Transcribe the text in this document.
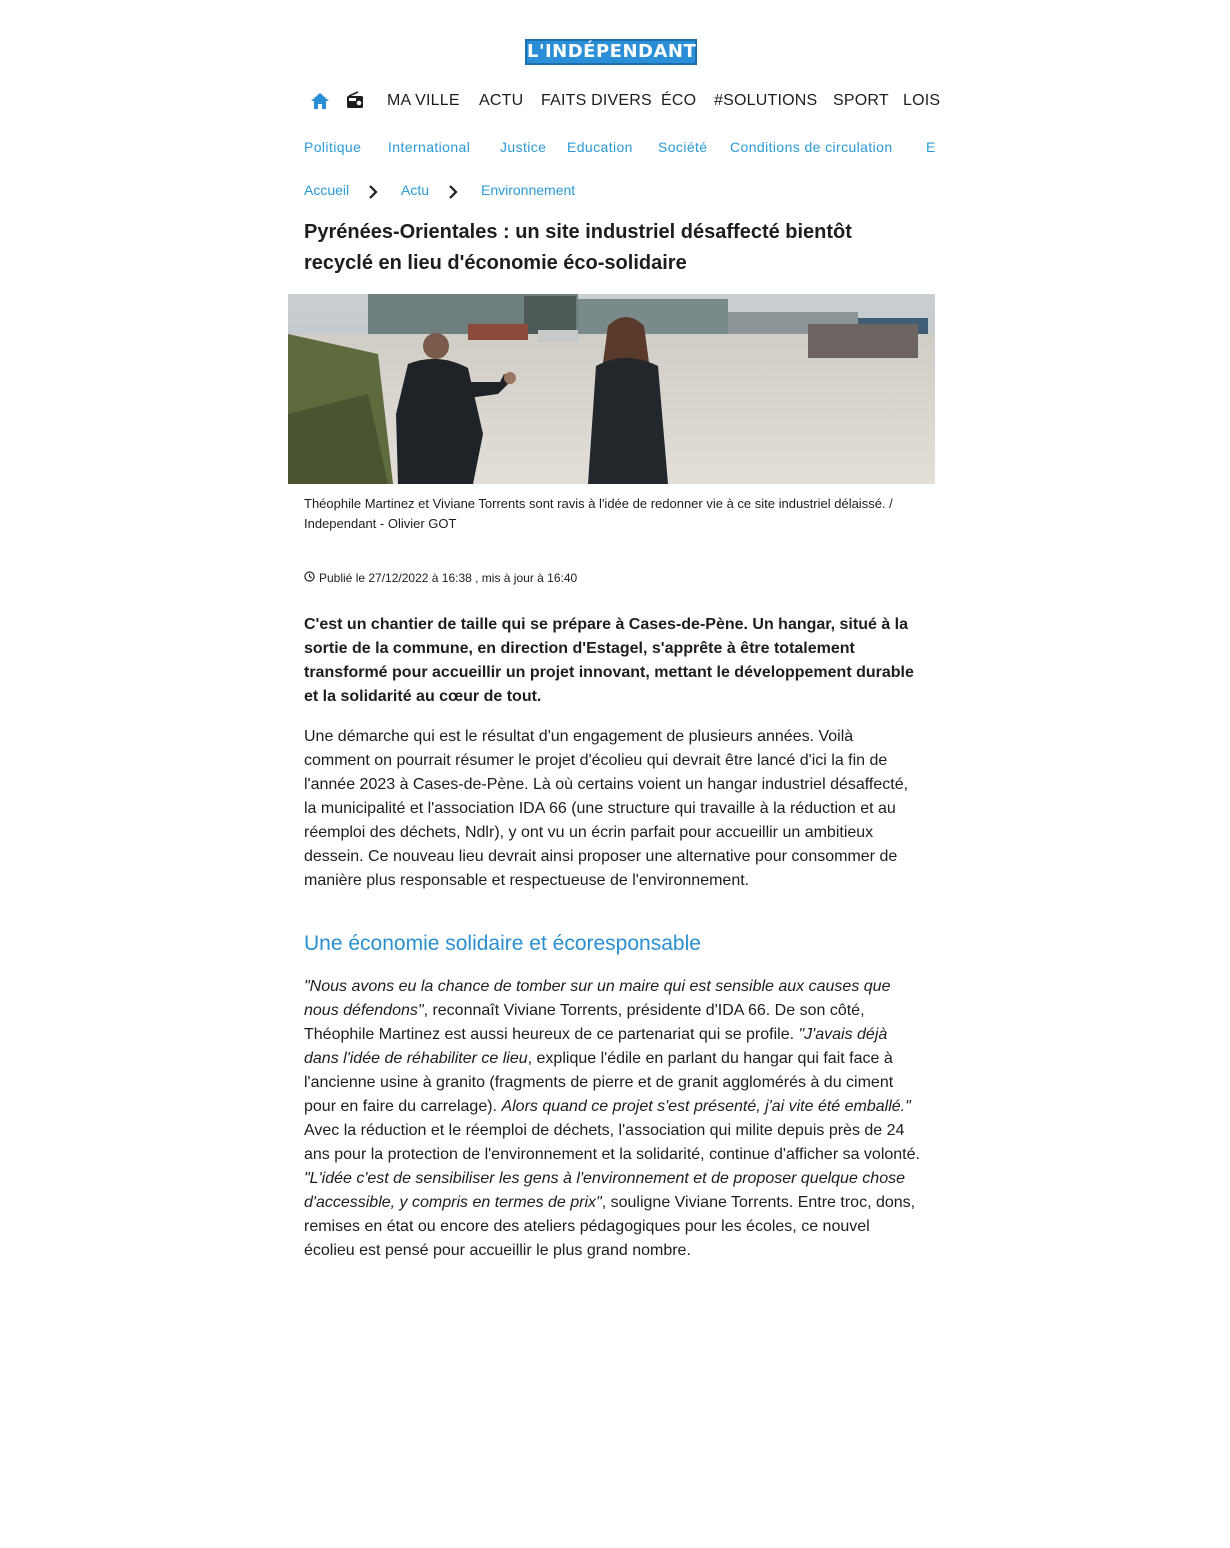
L'INDÉPENDANT
MA VILLE ACTU FAITS DIVERS ÉCO #SOLUTIONS SPORT LOIS
Politique International Justice Education Société Conditions de circulation E
Accueil	Actu	Environnement
Pyrénées-Orientales : un site industriel désaffecté bientôt recyclé en lieu d'économie éco-solidaire
Théophile Martinez et Viviane Torrents sont ravis à l'idée de redonner vie à ce site industriel délaissé. / Independant - Olivier GOT
Publié le 27/12/2022 à 16:38 , mis à jour à 16:40

C'est un chantier de taille qui se prépare à Cases-de-Pène. Un hangar, situé à la sortie de la commune, en direction d'Estagel, s'apprête à être totalement transformé pour accueillir un projet innovant, mettant le développement durable et la solidarité au cœur de tout.

Une démarche qui est le résultat d'un engagement de plusieurs années. Voilà comment on pourrait résumer le projet d'écolieu qui devrait être lancé d'ici la fin de l'année 2023 à Cases-de-Pène. Là où certains voient un hangar industriel désaffecté, la municipalité et l'association IDA 66 (une structure qui travaille à la réduction et au réemploi des déchets, Ndlr), y ont vu un écrin parfait pour accueillir un ambitieux dessein. Ce nouveau lieu devrait ainsi proposer une alternative pour consommer de manière plus responsable et respectueuse de l'environnement.

Une économie solidaire et écoresponsable

"Nous avons eu la chance de tomber sur un maire qui est sensible aux causes que nous défendons", reconnaît Viviane Torrents, présidente d'IDA 66. De son côté, Théophile Martinez est aussi heureux de ce partenariat qui se profile. "J'avais déjà dans l'idée de réhabiliter ce lieu, explique l'édile en parlant du hangar qui fait face à l'ancienne usine à granito (fragments de pierre et de granit agglomérés à du ciment pour en faire du carrelage). Alors quand ce projet s'est présenté, j'ai vite été emballé." Avec la réduction et le réemploi de déchets, l'association qui milite depuis près de 24 ans pour la protection de l'environnement et la solidarité, continue d'afficher sa volonté. "L'idée c'est de sensibiliser les gens à l'environnement et de proposer quelque chose d'accessible, y compris en termes de prix", souligne Viviane Torrents. Entre troc, dons, remises en état ou encore des ateliers pédagogiques pour les écoles, ce nouvel écolieu est pensé pour accueillir le plus grand nombre.
